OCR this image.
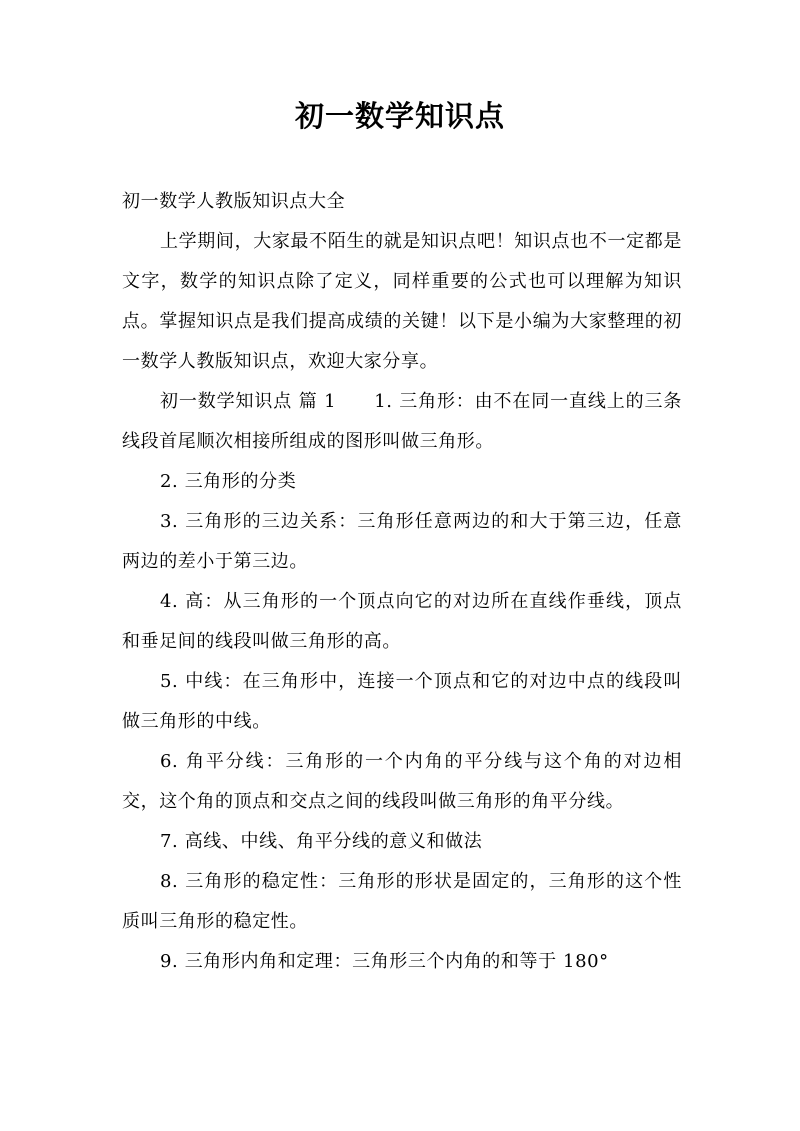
初一数学知识点

初一数学人教版知识点大全

上学期间，大家最不陌生的就是知识点吧！知识点也不一定都是文字，数学的知识点除了定义，同样重要的公式也可以理解为知识点。掌握知识点是我们提高成绩的关键！以下是小编为大家整理的初一数学人教版知识点，欢迎大家分享。

初一数学知识点 篇 1　　1. 三角形：由不在同一直线上的三条线段首尾顺次相接所组成的图形叫做三角形。

2. 三角形的分类

3. 三角形的三边关系：三角形任意两边的和大于第三边，任意两边的差小于第三边。

4. 高：从三角形的一个顶点向它的对边所在直线作垂线，顶点和垂足间的线段叫做三角形的高。

5. 中线：在三角形中，连接一个顶点和它的对边中点的线段叫做三角形的中线。

6. 角平分线：三角形的一个内角的平分线与这个角的对边相交，这个角的顶点和交点之间的线段叫做三角形的角平分线。

7. 高线、中线、角平分线的意义和做法

8. 三角形的稳定性：三角形的形状是固定的，三角形的这个性质叫三角形的稳定性。

9. 三角形内角和定理：三角形三个内角的和等于 180°
